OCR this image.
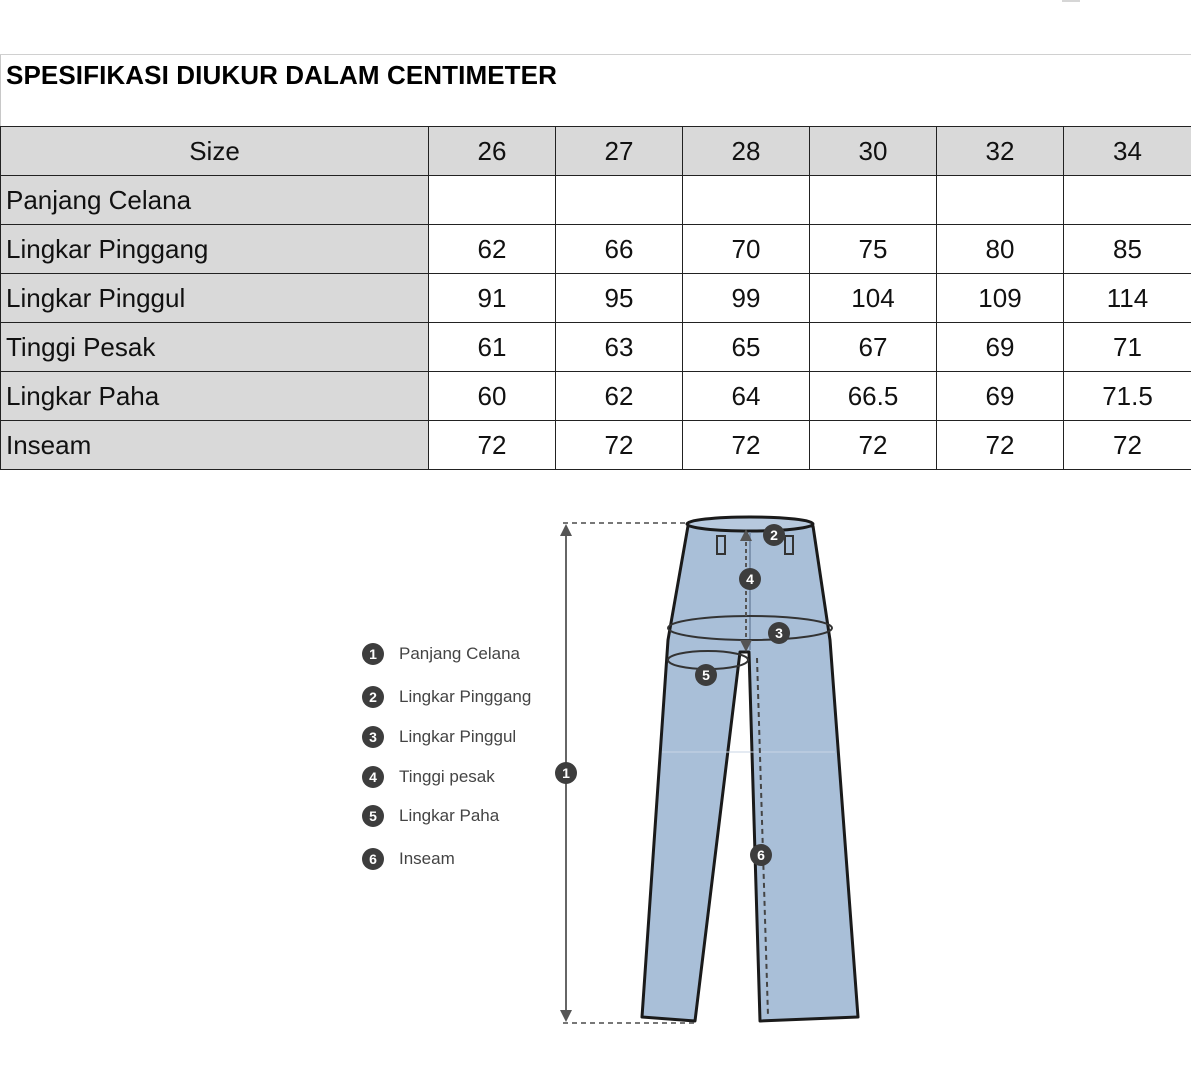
SPESIFIKASI DIUKUR DALAM CENTIMETER
Size	26	27	28	30	32	34
Panjang Celana						
Lingkar Pinggang	62	66	70	75	80	85
Lingkar Pinggul	91	95	99	104	109	114
Tinggi Pesak	61	63	65	67	69	71
Lingkar Paha	60	62	64	66.5	69	71.5
Inseam	72	72	72	72	72	72
1	Panjang Celana
2	Lingkar Pinggang
3	Lingkar Pinggul
4	Tinggi pesak
5	Lingkar Paha
6	Inseam
1
2
3
4
5
6
